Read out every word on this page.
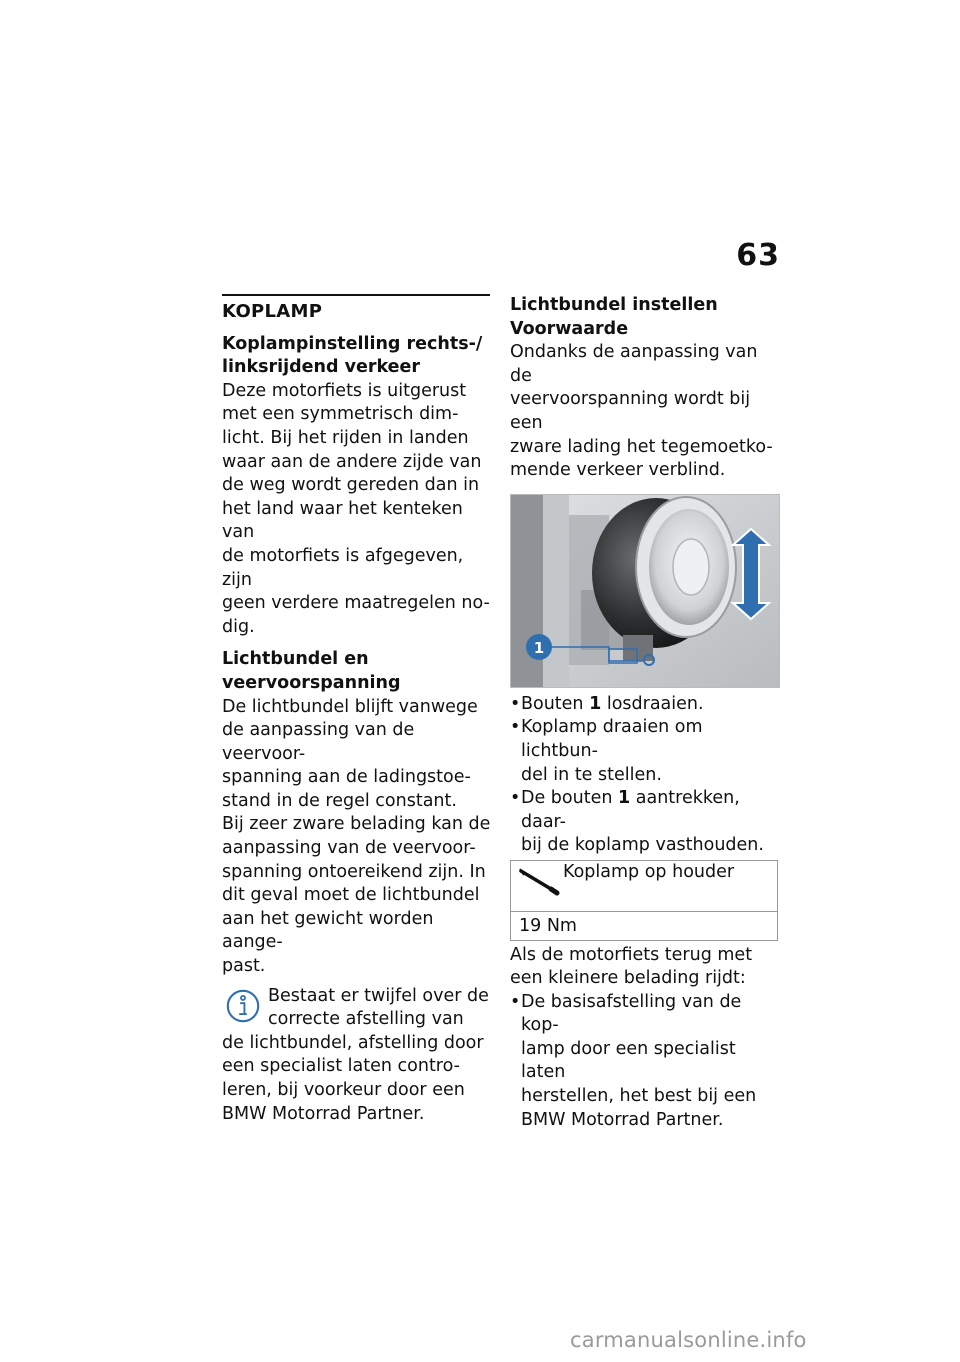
63
KOPLAMP
Koplampinstelling rechts-/
linksrijdend verkeer

Deze motorfiets is uitgerust

met een symmetrisch dim-

licht. Bij het rijden in landen

waar aan de andere zijde van

de weg wordt gereden dan in

het land waar het kenteken van

de motorfiets is afgegeven, zijn

geen verdere maatregelen no-

dig.

Lichtbundel en

veervoorspanning

De lichtbundel blijft vanwege

de aanpassing van de veervoor-

spanning aan de ladingstoe-

stand in de regel constant.

Bij zeer zware belading kan de

aanpassing van de veervoor-

spanning ontoereikend zijn. In

dit geval moet de lichtbundel

aan het gewicht worden aange-

past.

Bestaat er twijfel over de

correcte afstelling van

de lichtbundel, afstelling door

een specialist laten contro-

leren, bij voorkeur door een

BMW Motorrad Partner.

Lichtbundel instellen
Voorwaarde

Ondanks de aanpassing van de

veervoorspanning wordt bij een

zware lading het tegemoetko-

mende verkeer verblind.

1
• Bouten 1 losdraaien.
• Koplamp draaien om lichtbun-
del in te stellen.
• De bouten 1 aantrekken, daar-
bij de koplamp vasthouden.
Koplamp op houder
19 Nm

Als de motorfiets terug met

een kleinere belading rijdt:

• De basisafstelling van de kop-
lamp door een specialist laten
herstellen, het best bij een
BMW Motorrad Partner.
carmanualsonline.info
